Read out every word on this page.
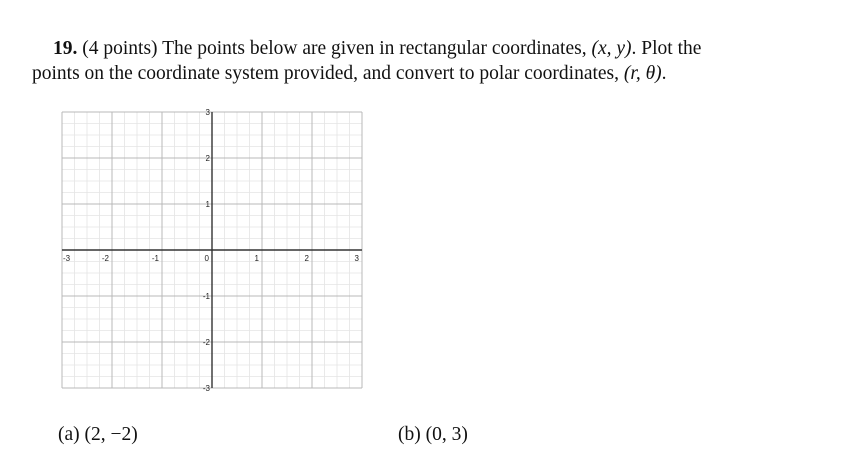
19. (4 points) The points below are given in rectangular coordinates, (x, y). Plot the
points on the coordinate system provided, and convert to polar coordinates, (r, θ).
-3	-2	-1	0	1	2	3
3
2
1
-1
-2
-3
(a) (2, −2)	(b) (0, 3)
